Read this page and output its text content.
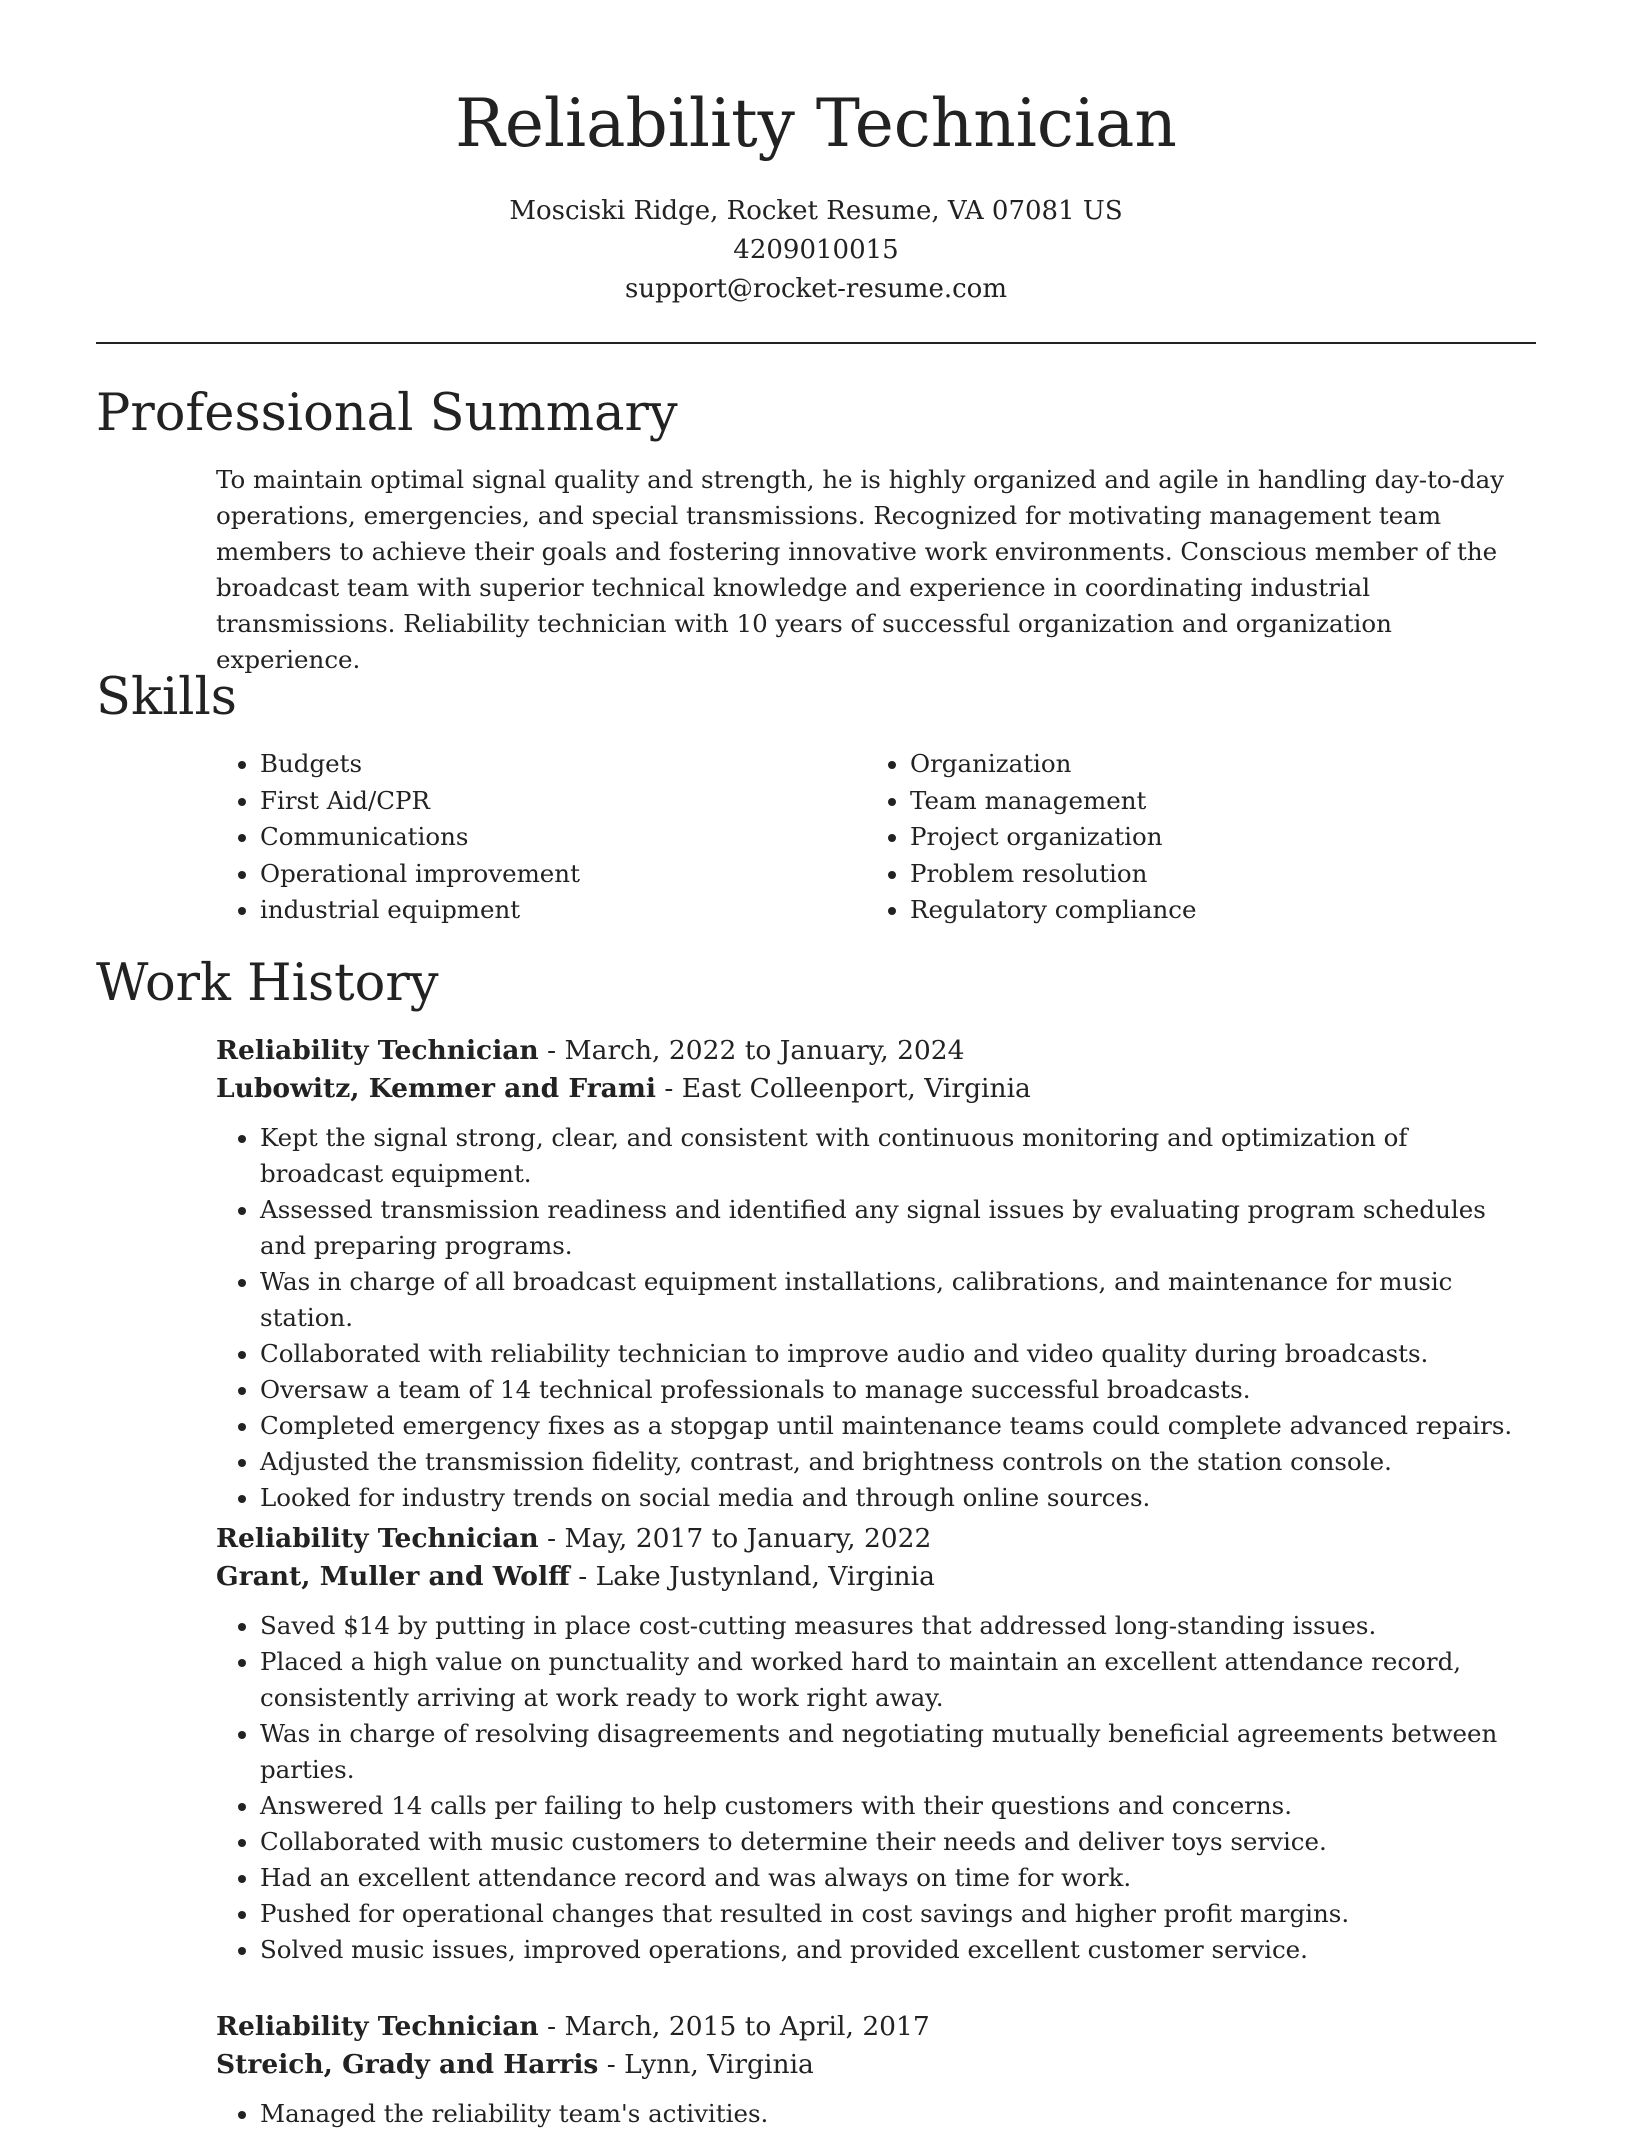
Reliability Technician
Mosciski Ridge, Rocket Resume, VA 07081 US
4209010015
support@rocket-resume.com
Professional Summary

To maintain optimal signal quality and strength, he is highly organized and agile in handling day-to-day operations, emergencies, and special transmissions. Recognized for motivating management team members to achieve their goals and fostering innovative work environments. Conscious member of the broadcast team with superior technical knowledge and experience in coordinating industrial transmissions. Reliability technician with 10 years of successful organization and organization experience.

Skills
• Budgets
• First Aid/CPR
• Communications
• Operational improvement
• industrial equipment
• Organization
• Team management
• Project organization
• Problem resolution
• Regulatory compliance
Work History
Reliability Technician - March, 2022 to January, 2024
Lubowitz, Kemmer and Frami - East Colleenport, Virginia
• Kept the signal strong, clear, and consistent with continuous monitoring and optimization of broadcast equipment.
• Assessed transmission readiness and identified any signal issues by evaluating program schedules and preparing programs.
• Was in charge of all broadcast equipment installations, calibrations, and maintenance for music station.
• Collaborated with reliability technician to improve audio and video quality during broadcasts.
• Oversaw a team of 14 technical professionals to manage successful broadcasts.
• Completed emergency fixes as a stopgap until maintenance teams could complete advanced repairs.
• Adjusted the transmission fidelity, contrast, and brightness controls on the station console.
• Looked for industry trends on social media and through online sources.
Reliability Technician - May, 2017 to January, 2022
Grant, Muller and Wolff - Lake Justynland, Virginia
• Saved $14 by putting in place cost-cutting measures that addressed long-standing issues.
• Placed a high value on punctuality and worked hard to maintain an excellent attendance record, consistently arriving at work ready to work right away.
• Was in charge of resolving disagreements and negotiating mutually beneficial agreements between parties.
• Answered 14 calls per failing to help customers with their questions and concerns.
• Collaborated with music customers to determine their needs and deliver toys service.
• Had an excellent attendance record and was always on time for work.
• Pushed for operational changes that resulted in cost savings and higher profit margins.
• Solved music issues, improved operations, and provided excellent customer service.
Reliability Technician - March, 2015 to April, 2017
Streich, Grady and Harris - Lynn, Virginia
• Managed the reliability team's activities.
